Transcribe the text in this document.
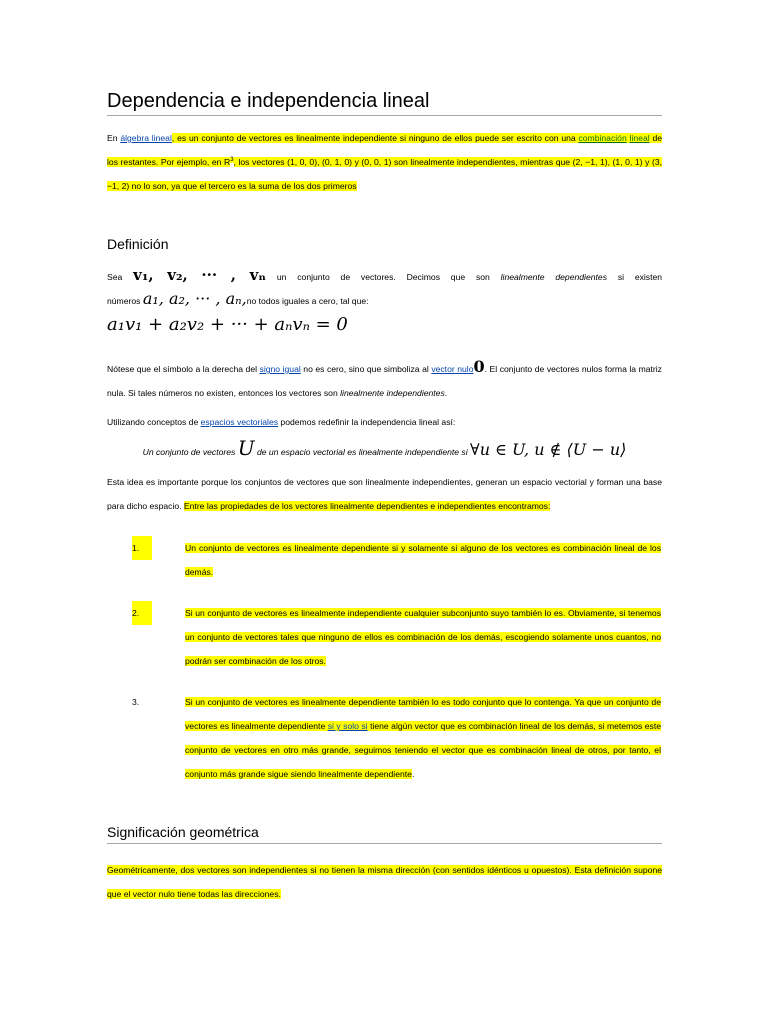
Dependencia e independencia lineal

En álgebra lineal, es un conjunto de vectores es linealmente independiente si ninguno de ellos puede ser escrito con una combinación lineal de los restantes. Por ejemplo, en $R^3$, los vectores (1, 0, 0), (0, 1, 0) y (0, 0, 1) son linealmente independientes, mientras que (2, −1, 1), (1, 0, 1) y (3, −1, 2) no lo son, ya que el tercero es la suma de los dos primeros

Definición

Sea v₁, v₂, ··· , vₙ un conjunto de vectores. Decimos que son linealmente dependientes si existen

números a₁, a₂, ··· , aₙ,no todos iguales a cero, tal que:

a₁v₁ + a₂v₂ + ··· + aₙvₙ = 0

Nótese que el símbolo a la derecha del signo igual no es cero, sino que simboliza al vector nulo0. El conjunto de vectores nulos forma la matriz nula. Si tales números no existen, entonces los vectores son linealmente independientes.

Utilizando conceptos de espacios vectoriales podemos redefinir la independencia lineal así:

Un conjunto de vectores U de un espacio vectorial es linealmente independiente si ∀u ∈ U, u ∉ ⟨U − u⟩

Esta idea es importante porque los conjuntos de vectores que son linealmente independientes, generan un espacio vectorial y forman una base para dicho espacio. Entre las propiedades de los vectores linealmente dependientes e independientes encontramos:

1.	Un conjunto de vectores es linealmente dependiente si y solamente si alguno de los vectores es combinación lineal de los demás.
2.	Si un conjunto de vectores es linealmente independiente cualquier subconjunto suyo también lo es. Obviamente, si tenemos un conjunto de vectores tales que ninguno de ellos es combinación de los demás, escogiendo solamente unos cuantos, no podrán ser combinación de los otros.
3.	Si un conjunto de vectores es linealmente dependiente también lo es todo conjunto que lo contenga. Ya que un conjunto de vectores es linealmente dependiente si y solo si tiene algún vector que es combinación lineal de los demás, si metemos este conjunto de vectores en otro más grande, seguimos teniendo el vector que es combinación lineal de otros, por tanto, el conjunto más grande sigue siendo linealmente dependiente.
Significación geométrica

Geométricamente, dos vectores son independientes si no tienen la misma dirección (con sentidos idénticos u opuestos). Esta definición supone que el vector nulo tiene todas las direcciones.
